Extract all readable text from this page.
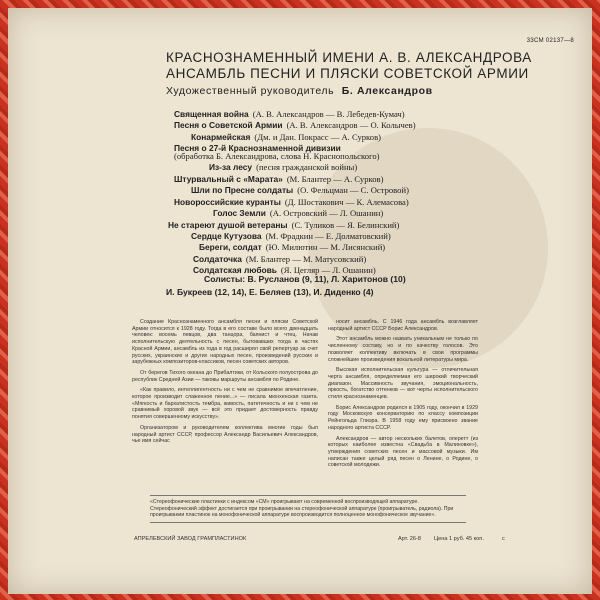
33СМ 02137—8
КРАСНОЗНАМЕННЫЙ ИМЕНИ А. В. АЛЕКСАНДРОВА
АНСАМБЛЬ ПЕСНИ И ПЛЯСКИ СОВЕТСКОЙ АРМИИ
Художественный руководитель Б. Александров
Священная война (А. В. Александров — В. Лебедев-Кумач)
Песня о Советской Армии (А. В. Александров — О. Колычев)
Конармейская (Дм. и Дан. Покрасс — А. Сурков)
Песня о 27-й Краснознаменной дивизии
(обработка Б. Александрова, слова Н. Краснопольского)
Из-за лесу (песня гражданской войны)
Штурвальный с «Марата» (М. Блантер — А. Сурков)
Шли по Пресне солдаты (О. Фельцман — С. Островой)
Новороссийские куранты (Д. Шостакович — К. Алемасова)
Голос Земли (А. Островский — Л. Ошанин)
Не стареют душой ветераны (С. Туликов — Я. Белинский)
Сердце Кутузова (М. Фрадкин — Е. Долматовский)
Береги, солдат (Ю. Милютин — М. Лисянский)
Солдаточка (М. Блантер — М. Матусовский)
Солдатская любовь (Я. Цегляр — Л. Ошанин)
Солисты: В. Русланов (9, 11), Л. Харитонов (10)
И. Букреев (12, 14), Е. Беляев (13), И. Диденко (4)

Создание Краснознаменного ансамбля песни и пляски Советской Армии относится к 1928 году. Тогда в его составе было всего двенадцать человек: восемь певцов, два танцора, баянист и чтец. Начав исполнительскую деятельность с песен, бытовавших тогда в частях Красной Армии, ансамбль из года в год расширял свой репертуар за счет русских, украинских и других народных песен, произведений русских и зарубежных композиторов-классиков, песен советских авторов.

От берегов Тихого океана до Прибалтики, от Кольского полуострова до республик Средней Азии — таковы маршруты ансамбля по Родине.

«Как правило, интеллигентность ни с чем не сравнимое впечатление, которое производит слаженное пение...» — писала мюнхенская газета. «Мягкость и бархатистость тембра, живость, патетичность и ни с чем не сравнимый хоровой звук — всё это придает достоверность правду понятия совершенному искусству».

Организатором и руководителем коллектива многие годы был народный артист СССР, профессор Александр Васильевич Александров, чье имя сейчас

носит ансамбль. С 1946 года ансамбль возглавляет народный артист СССР Борис Александров.

Этот ансамбль можно назвать уникальным не только по численному составу, но и по качеству голосов. Это позволяет коллективу включать в свои программы сложнейшие произведения вокальной литературы мира.

Высокая исполнительская культура — отличительная черта ансамбля, определяемая его широкий творческий диапазон. Массивность звучания, эмоциональность, яркость, богатство оттенков — вот черты исполнительского стиля краснознаменцев.

Борис Александров родился в 1905 году, окончил в 1929 году Московскую консерваторию по классу композиции Рейнгольда Глиэра. В 1958 году ему присвоено звание народного артиста СССР.

Александров — автор нескольких балетов, оперетт (из которых наиболее известна «Свадьба в Малиновке»), утверждения советских песен и массовой музыки. Им написан также целый ряд песен о Ленине, о Родине, о советской молодежи.

«Стереофонические пластинки с индексом «СМ» проигрывают на современной воспроизводящей аппаратуре. Стереофонический эффект достигается при проигрывании на стереофонической аппаратуре (проигрыватель, радиола). При проигрывании пластинок на монофонической аппаратуре воспроизводится полноценное монофоническое звучание».
АПРЕЛЕВСКИЙ ЗАВОД ГРАМПЛАСТИНОК	Арт. 26-8 Цена 1 руб. 45 коп.	с
